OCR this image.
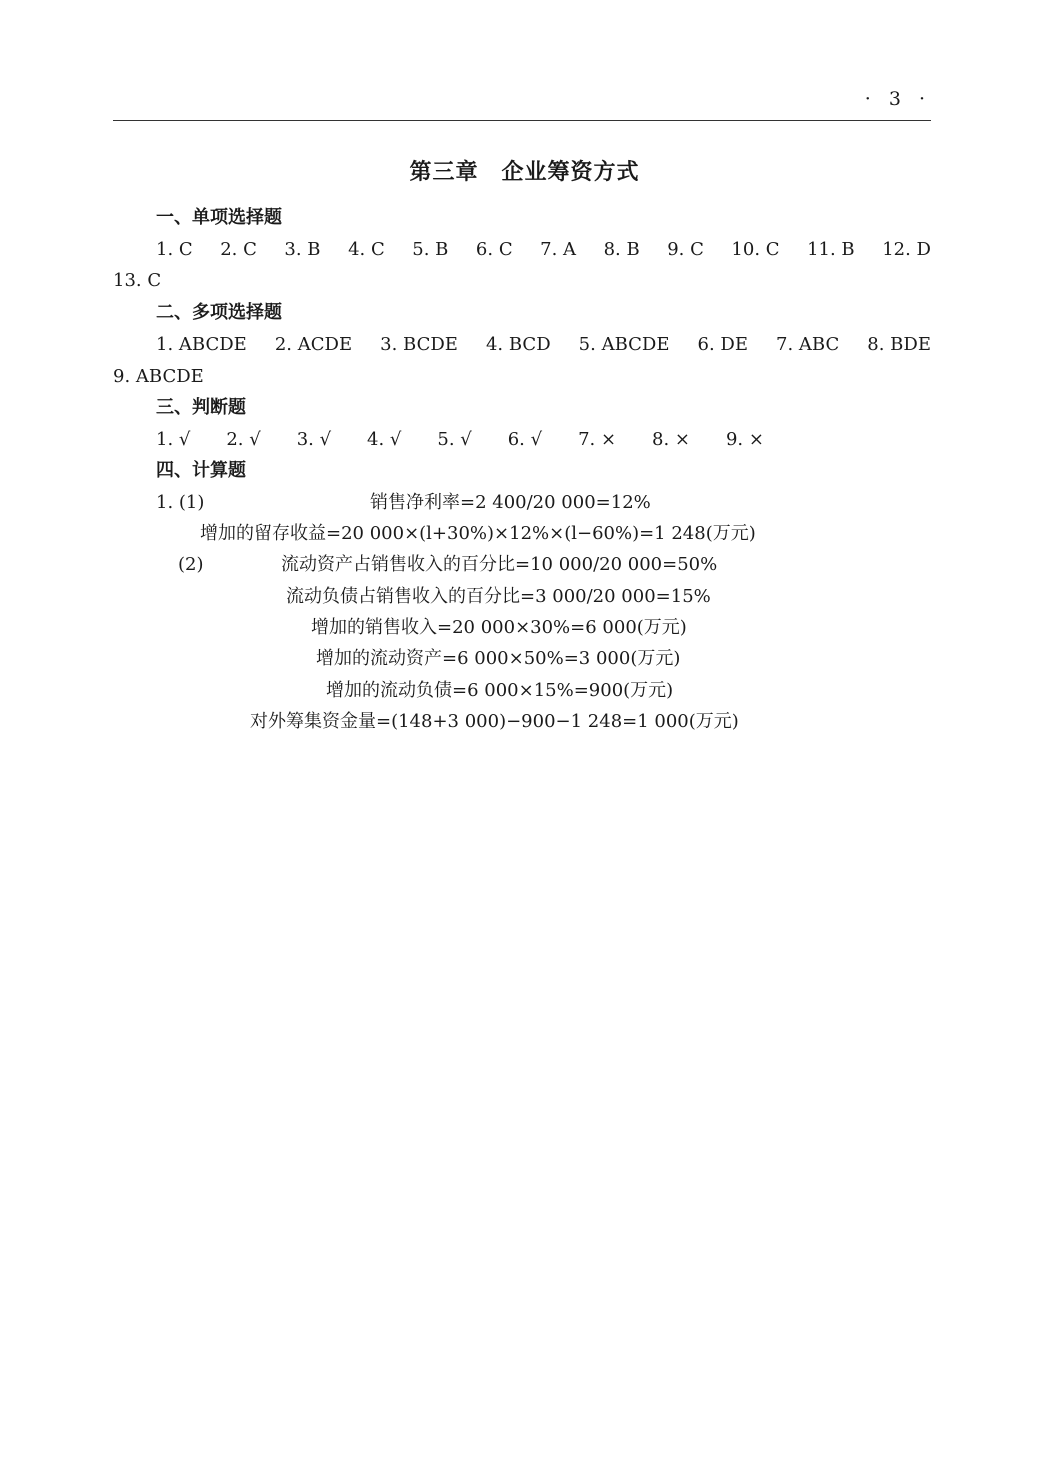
· 3 ·
第三章　企业筹资方式
一、单项选择题
1. C 2. C 3. B 4. C 5. B 6. C 7. A 8. B 9. C 10. C 11. B 12. D
13. C
二、多项选择题
1. ABCDE 2. ACDE 3. BCDE 4. BCD 5. ABCDE 6. DE 7. ABC 8. BDE
9. ABCDE
三、判断题
1. √ 2. √ 3. √ 4. √ 5. √ 6. √ 7. × 8. × 9. ×
四、计算题
1. (1)	销售净利率=2 400/20 000=12%
增加的留存收益=20 000×(l+30%)×12%×(l−60%)=1 248(万元)
(2)	流动资产占销售收入的百分比=10 000/20 000=50%
流动负债占销售收入的百分比=3 000/20 000=15%
增加的销售收入=20 000×30%=6 000(万元)
增加的流动资产=6 000×50%=3 000(万元)
增加的流动负债=6 000×15%=900(万元)
对外筹集资金量=(148+3 000)−900−1 248=1 000(万元)
